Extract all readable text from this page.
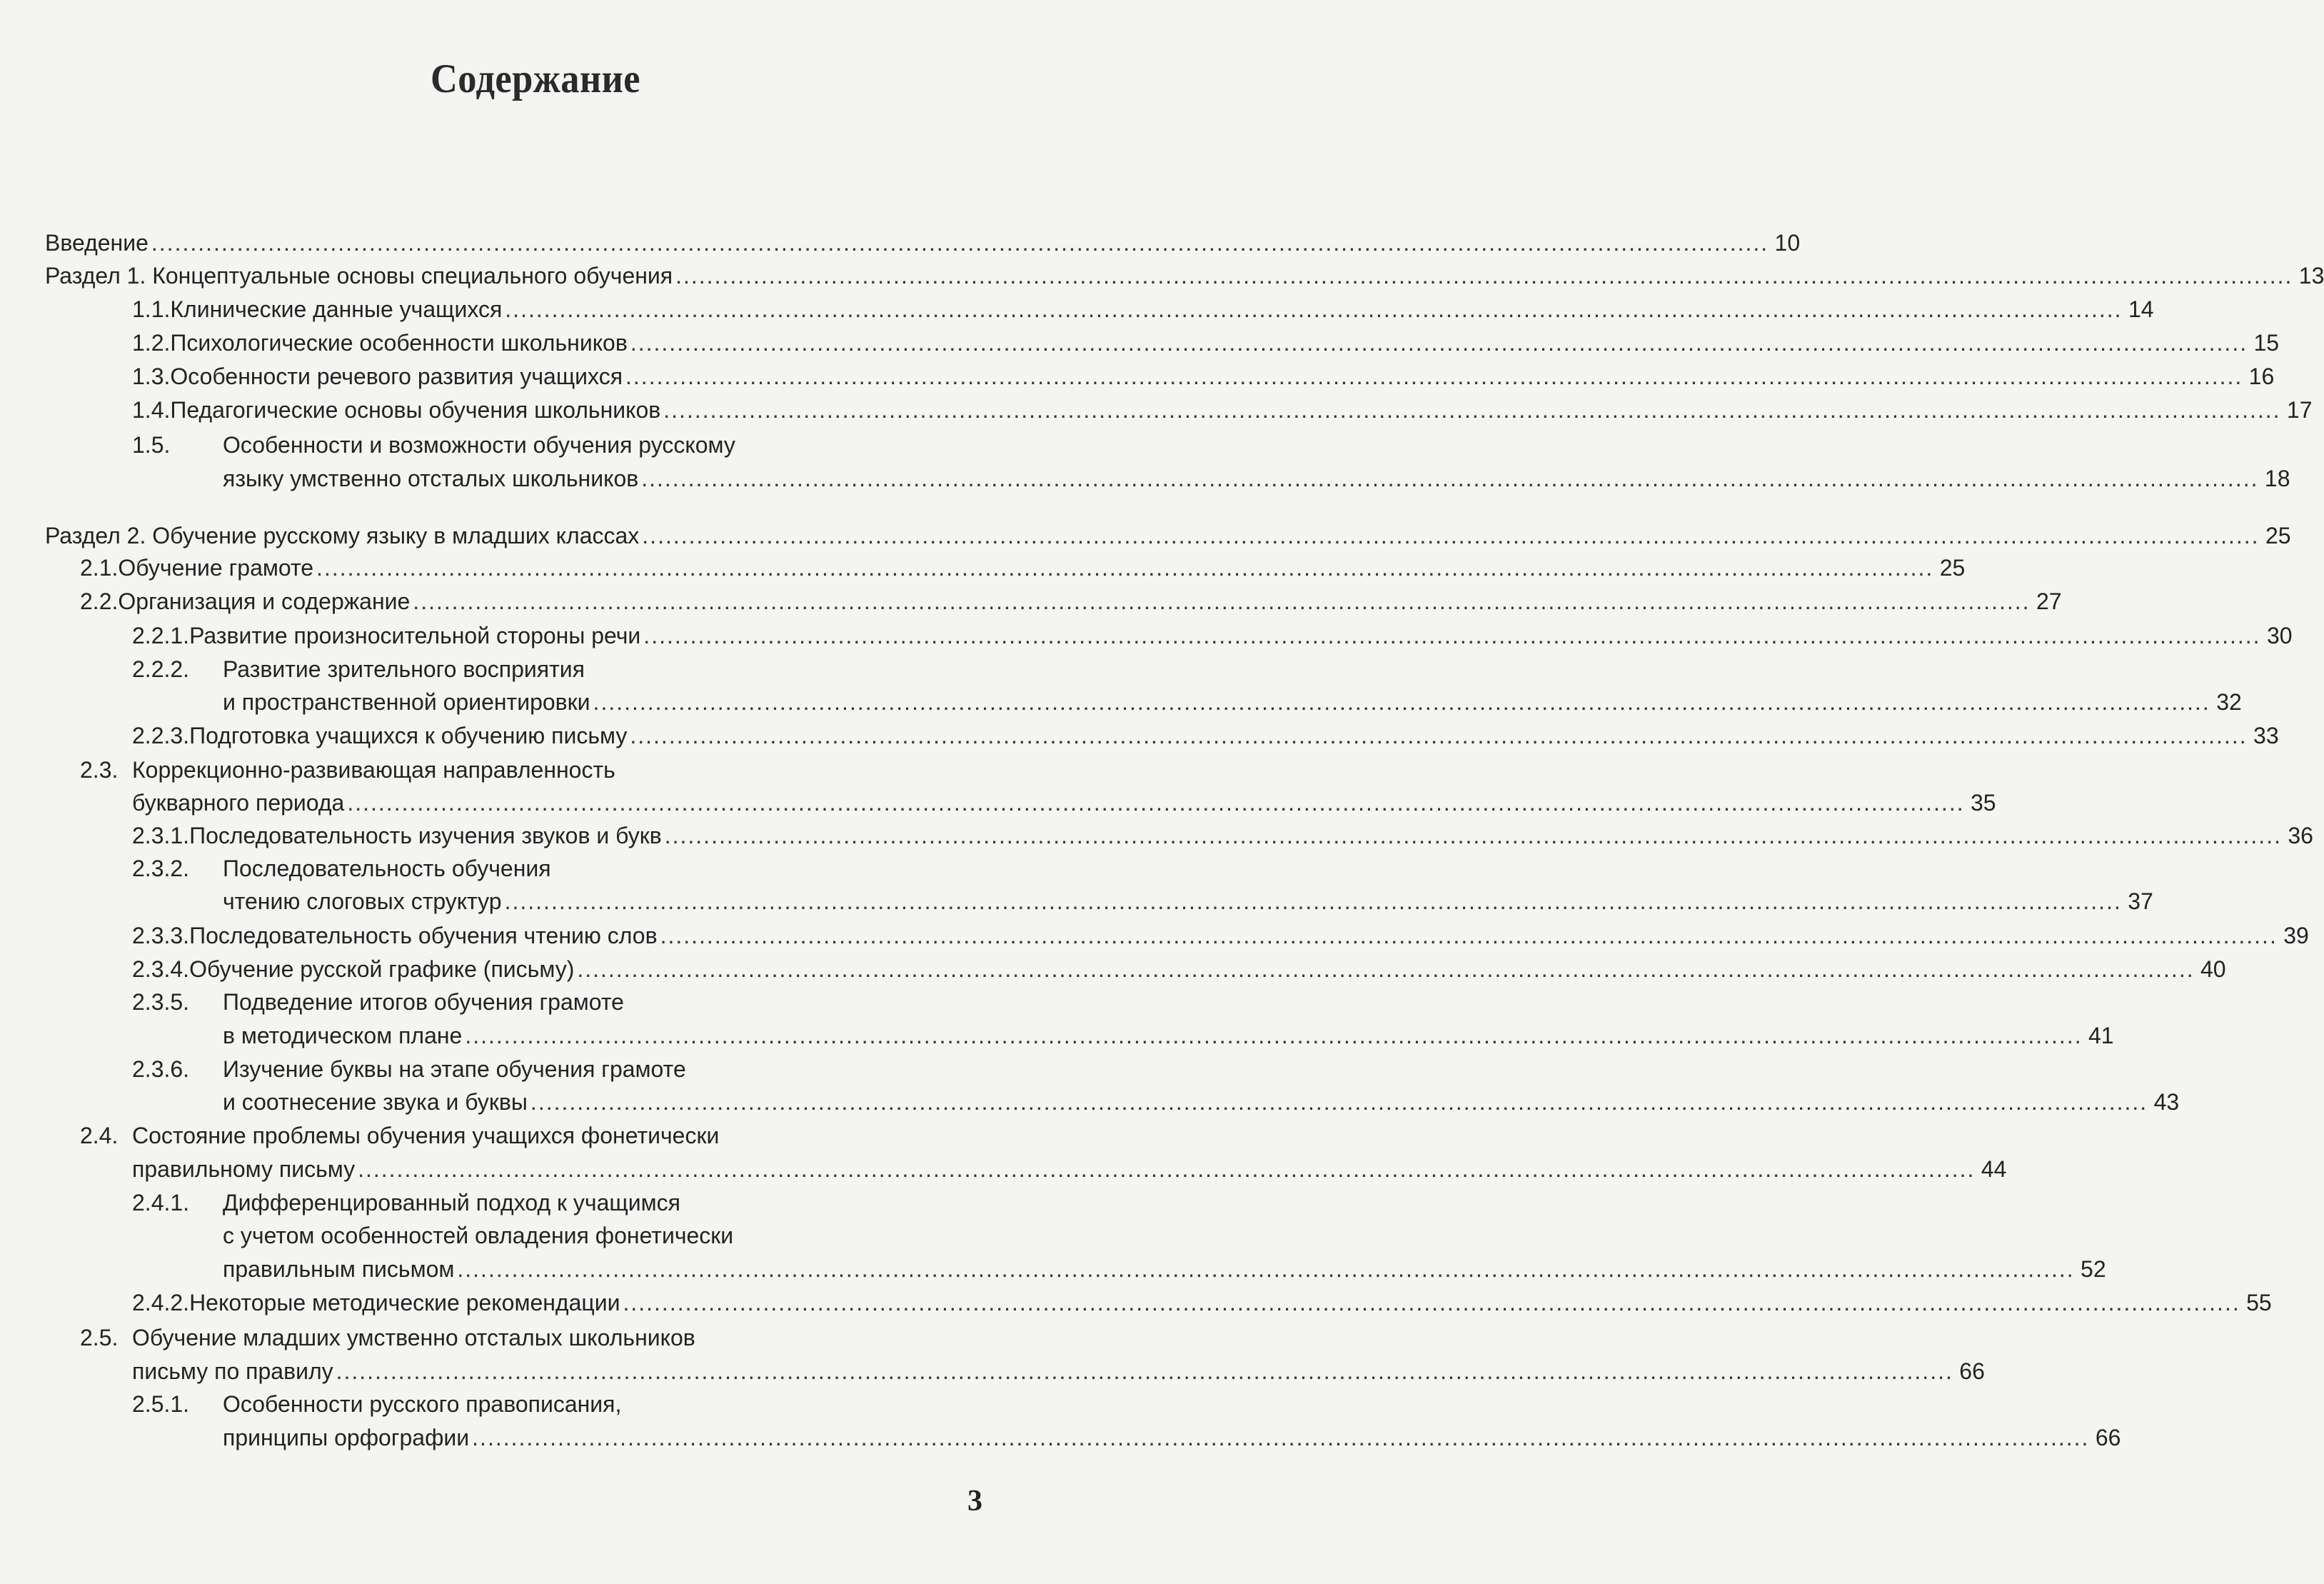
Содержание
Введение ................................................................................................................................................................................................................ 10
Раздел 1. Концептуальные основы специального обучения ................................................................................................................................................................................................................ 13
1.1. Клинические данные учащихся ................................................................................................................................................................................................................ 14
1.2. Психологические особенности школьников ................................................................................................................................................................................................................ 15
1.3. Особенности речевого развития учащихся ................................................................................................................................................................................................................ 16
1.4. Педагогические основы обучения школьников ................................................................................................................................................................................................................ 17
1.5.	Особенности и возможности обучения русскому
языку умственно отсталых школьников ................................................................................................................................................................................................................ 18
Раздел 2. Обучение русскому языку в младших классах ................................................................................................................................................................................................................ 25
2.1. Обучение грамоте ................................................................................................................................................................................................................ 25
2.2. Организация и содержание ................................................................................................................................................................................................................ 27
2.2.1. Развитие произносительной стороны речи ................................................................................................................................................................................................................ 30
2.2.2.	Развитие зрительного восприятия
и пространственной ориентировки ................................................................................................................................................................................................................ 32
2.2.3. Подготовка учащихся к обучению письму ................................................................................................................................................................................................................ 33
2.3. Коррекционно-развивающая направленность
букварного периода ................................................................................................................................................................................................................ 35
2.3.1. Последовательность изучения звуков и букв ................................................................................................................................................................................................................ 36
2.3.2.	Последовательность обучения
чтению слоговых структур ................................................................................................................................................................................................................ 37
2.3.3. Последовательность обучения чтению слов ................................................................................................................................................................................................................ 39
2.3.4. Обучение русской графике (письму) ................................................................................................................................................................................................................ 40
2.3.5.	Подведение итогов обучения грамоте
в методическом плане ................................................................................................................................................................................................................ 41
2.3.6.	Изучение буквы на этапе обучения грамоте
и соотнесение звука и буквы ................................................................................................................................................................................................................ 43
2.4. Состояние проблемы обучения учащихся фонетически
правильному письму ................................................................................................................................................................................................................ 44
2.4.1.	Дифференцированный подход к учащимся
с учетом особенностей овладения фонетически
правильным письмом ................................................................................................................................................................................................................ 52
2.4.2. Некоторые методические рекомендации ................................................................................................................................................................................................................ 55
2.5. Обучение младших умственно отсталых школьников
письму по правилу ................................................................................................................................................................................................................ 66
2.5.1.	Особенности русского правописания,
принципы орфографии ................................................................................................................................................................................................................ 66
3
